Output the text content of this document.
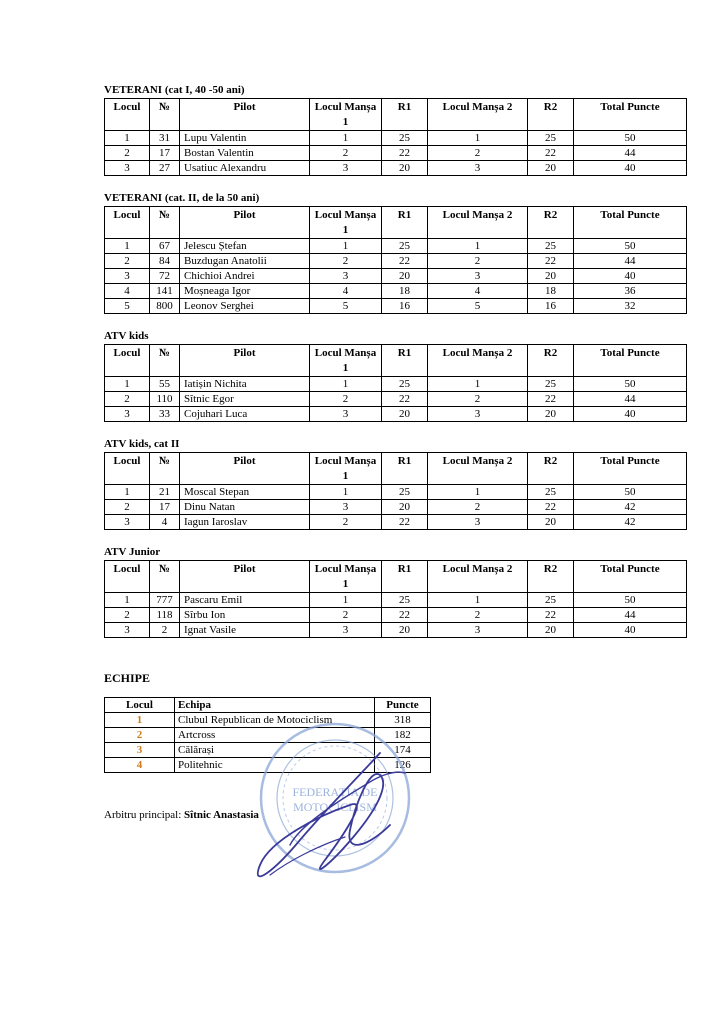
VETERANI (cat I, 40 -50 ani)
Locul	№	Pilot	Locul Manșa 1	R1	Locul Manșa 2	R2	Total Puncte
1	31	Lupu Valentin	1	25	1	25	50
2	17	Bostan Valentin	2	22	2	22	44
3	27	Usatiuc Alexandru	3	20	3	20	40
VETERANI (cat. II, de la 50 ani)
Locul	№	Pilot	Locul Manșa 1	R1	Locul Manșa 2	R2	Total Puncte
1	67	Jelescu Ștefan	1	25	1	25	50
2	84	Buzdugan Anatolii	2	22	2	22	44
3	72	Chichioi Andrei	3	20	3	20	40
4	141	Moșneaga Igor	4	18	4	18	36
5	800	Leonov Serghei	5	16	5	16	32
ATV kids
Locul	№	Pilot	Locul Manșa 1	R1	Locul Manșa 2	R2	Total Puncte
1	55	Iatișin Nichita	1	25	1	25	50
2	110	Sîtnic Egor	2	22	2	22	44
3	33	Cojuhari Luca	3	20	3	20	40
ATV kids, cat II
Locul	№	Pilot	Locul Manșa 1	R1	Locul Manșa 2	R2	Total Puncte
1	21	Moscal Stepan	1	25	1	25	50
2	17	Dinu Natan	3	20	2	22	42
3	4	Iagun Iaroslav	2	22	3	20	42
ATV Junior
Locul	№	Pilot	Locul Manșa 1	R1	Locul Manșa 2	R2	Total Puncte
1	777	Pascaru Emil	1	25	1	25	50
2	118	Sîrbu Ion	2	22	2	22	44
3	2	Ignat Vasile	3	20	3	20	40
ECHIPE
Locul	Echipa	Puncte
1	Clubul Republican de Motociclism	318
2	Artcross	182
3	Călărași	174
4	Politehnic	126
FEDERAȚIA DE
MOTOCICLISM
Arbitru principal: Sîtnic Anastasia
